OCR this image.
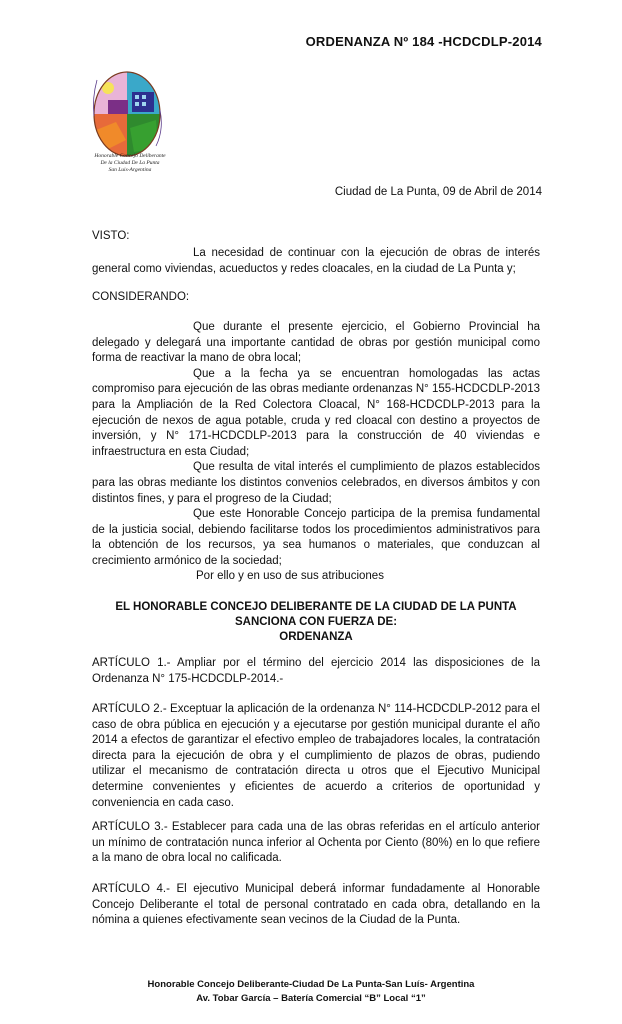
ORDENANZA Nº 184 -HCDCDLP-2014
Honorable Concejo Deliberante
De la Ciudad De La Punta
San Luis-Argentina
Ciudad de La Punta, 09 de Abril de 2014
VISTO:
La necesidad de continuar con la ejecución de obras de interés general como viviendas, acueductos y redes cloacales, en la ciudad de La Punta y;
CONSIDERANDO:
Que durante el presente ejercicio, el Gobierno Provincial ha delegado y delegará una importante cantidad de obras por gestión municipal como forma de reactivar la mano de obra local;
Que a la fecha ya se encuentran homologadas las actas compromiso para ejecución de las obras mediante ordenanzas N° 155-HCDCDLP-2013 para la Ampliación de la Red Colectora Cloacal, N° 168-HCDCDLP-2013 para la ejecución de nexos de agua potable, cruda y red cloacal con destino a proyectos de inversión, y N° 171-HCDCDLP-2013 para la construcción de 40 viviendas e infraestructura en esta Ciudad;
Que resulta de vital interés el cumplimiento de plazos establecidos para las obras mediante los distintos convenios celebrados, en diversos ámbitos y con distintos fines, y para el progreso de la Ciudad;
Que este Honorable Concejo participa de la premisa fundamental de la justicia social, debiendo facilitarse todos los procedimientos administrativos para la obtención de los recursos, ya sea humanos o materiales, que conduzcan al crecimiento armónico de la sociedad;
Por ello y en uso de sus atribuciones
EL HONORABLE CONCEJO DELIBERANTE DE LA CIUDAD DE LA PUNTA
SANCIONA CON FUERZA DE:
ORDENANZA
ARTÍCULO 1.- Ampliar por el término del ejercicio 2014 las disposiciones de la Ordenanza N° 175-HCDCDLP-2014.-
ARTÍCULO 2.- Exceptuar la aplicación de la ordenanza N° 114-HCDCDLP-2012 para el caso de obra pública en ejecución y a ejecutarse por gestión municipal durante el año 2014 a efectos de garantizar el efectivo empleo de trabajadores locales, la contratación directa para la ejecución de obra y el cumplimiento de plazos de obras, pudiendo utilizar el mecanismo de contratación directa u otros que el Ejecutivo Municipal determine convenientes y eficientes de acuerdo a criterios de oportunidad y conveniencia en cada caso.
ARTÍCULO 3.- Establecer para cada una de las obras referidas en el artículo anterior un mínimo de contratación nunca inferior al Ochenta por Ciento (80%) en lo que refiere a la mano de obra local no calificada.
ARTÍCULO 4.- El ejecutivo Municipal deberá informar fundadamente al Honorable Concejo Deliberante el total de personal contratado en cada obra, detallando en la nómina a quienes efectivamente sean vecinos de la Ciudad de la Punta.
Honorable Concejo Deliberante-Ciudad De La Punta-San Luís- Argentina
Av. Tobar García – Batería Comercial “B” Local “1”
